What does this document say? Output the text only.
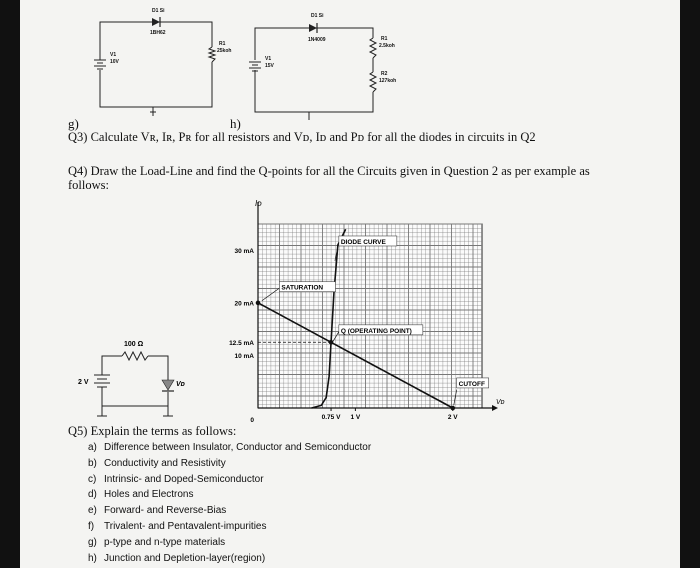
D1 Si
1BH62
V1
10V
R1
25koh
D1 Si
1N4009
V1
15V
R1
2.5koh
R2
127koh
g)	h)
Q3) Calculate Vʀ, Iʀ, Pʀ for all resistors and Vᴅ, Iᴅ and Pᴅ for all the diodes in circuits in Q2
Q4) Draw the Load-Line and find the Q-points for all the Circuits given in Question 2 as per example as
follows:
100 Ω
2 V	Vᴅ
Vᴅ
Iᴅ
30 mA
20 mA
12.5 mA
10 mA
0	0.75 V 1 V	2 V
DIODE CURVE
SATURATION
Q (OPERATING POINT)
CUTOFF
Q5) Explain the terms as follows:
a) Difference between Insulator, Conductor and Semiconductor
b) Conductivity and Resistivity
c) Intrinsic- and Doped-Semiconductor
d) Holes and Electrons
e) Forward- and Reverse-Bias
f) Trivalent- and Pentavalent-impurities
g) p-type and n-type materials
h) Junction and Depletion-layer(region)
